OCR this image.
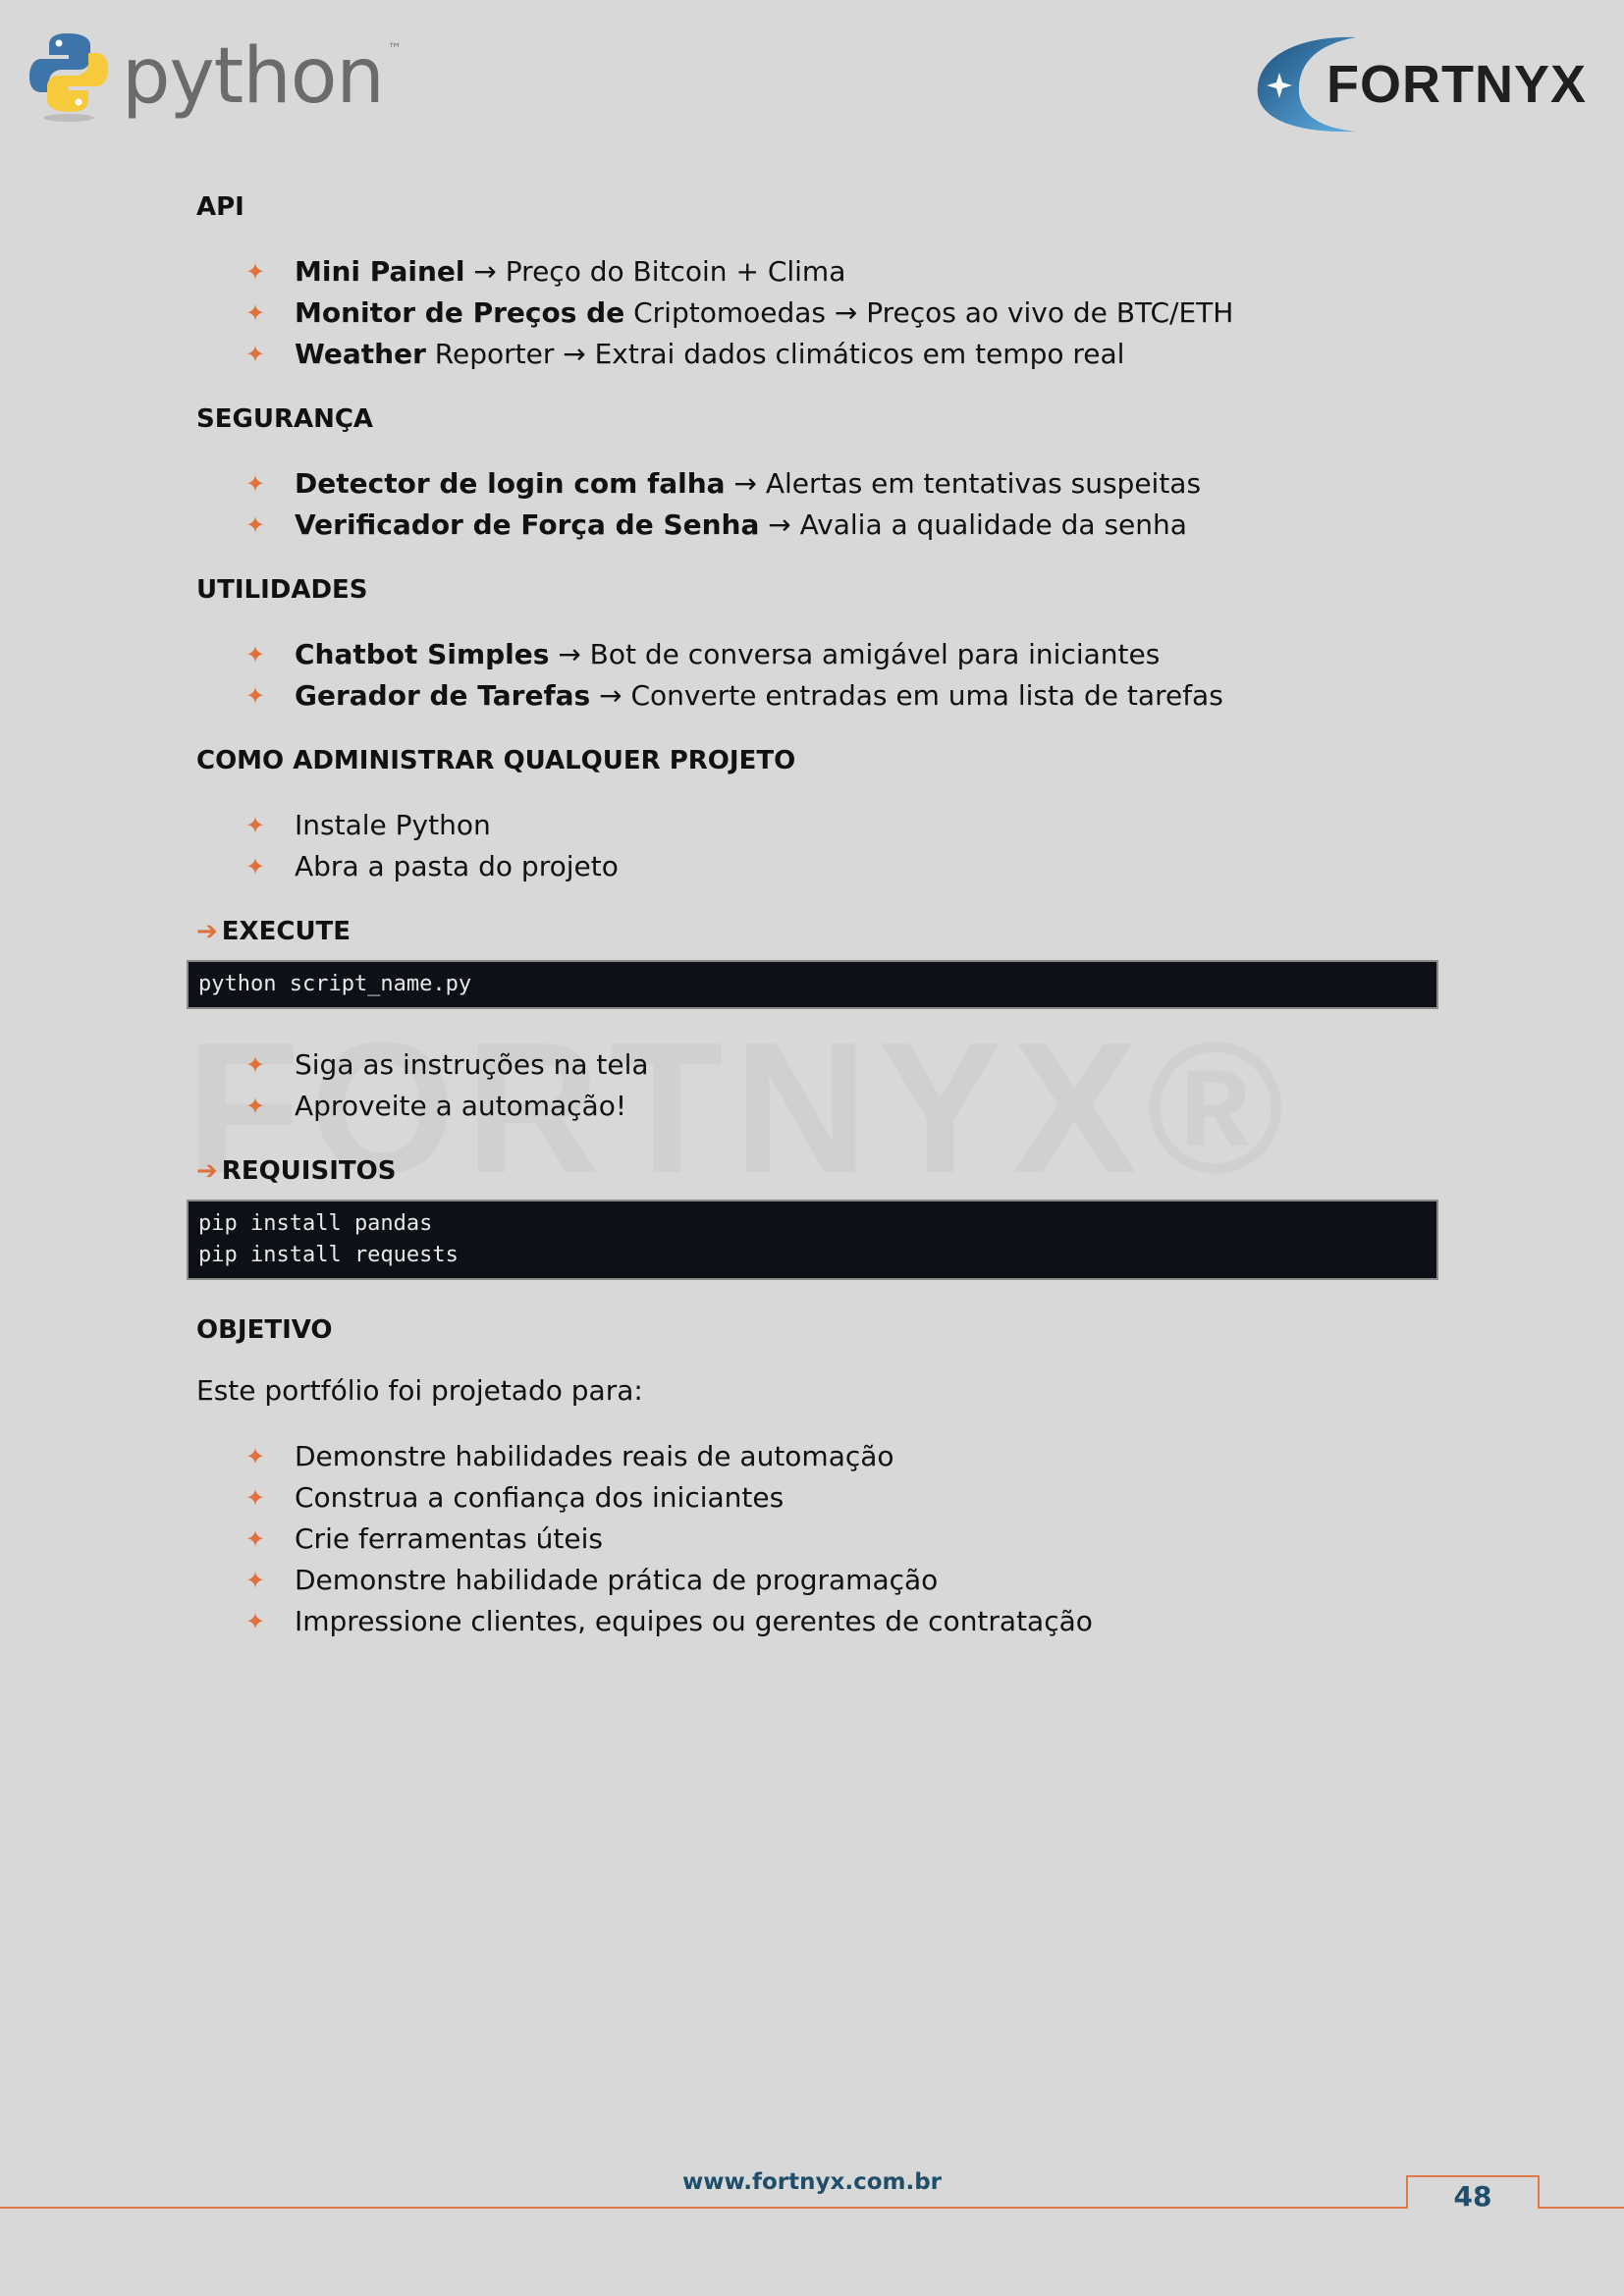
python ™
FORTNYX
API
✦	Mini Painel → Preço do Bitcoin + Clima
✦	Monitor de Preços de Criptomoedas → Preços ao vivo de BTC/ETH
✦	Weather Reporter → Extrai dados climáticos em tempo real
SEGURANÇA
✦	Detector de login com falha → Alertas em tentativas suspeitas
✦	Verificador de Força de Senha → Avalia a qualidade da senha
UTILIDADES
✦	Chatbot Simples → Bot de conversa amigável para iniciantes
✦	Gerador de Tarefas → Converte entradas em uma lista de tarefas
COMO ADMINISTRAR QUALQUER PROJETO
✦	Instale Python
✦	Abra a pasta do projeto
➔ EXECUTE
python script_name.py
✦	Siga as instruções na tela
✦	Aproveite a automação!
➔ REQUISITOS
pip install pandas
pip install requests
OBJETIVO
Este portfólio foi projetado para:
✦	Demonstre habilidades reais de automação
✦	Construa a confiança dos iniciantes
✦	Crie ferramentas úteis
✦	Demonstre habilidade prática de programação
✦	Impressione clientes, equipes ou gerentes de contratação
www.fortnyx.com.br	48
